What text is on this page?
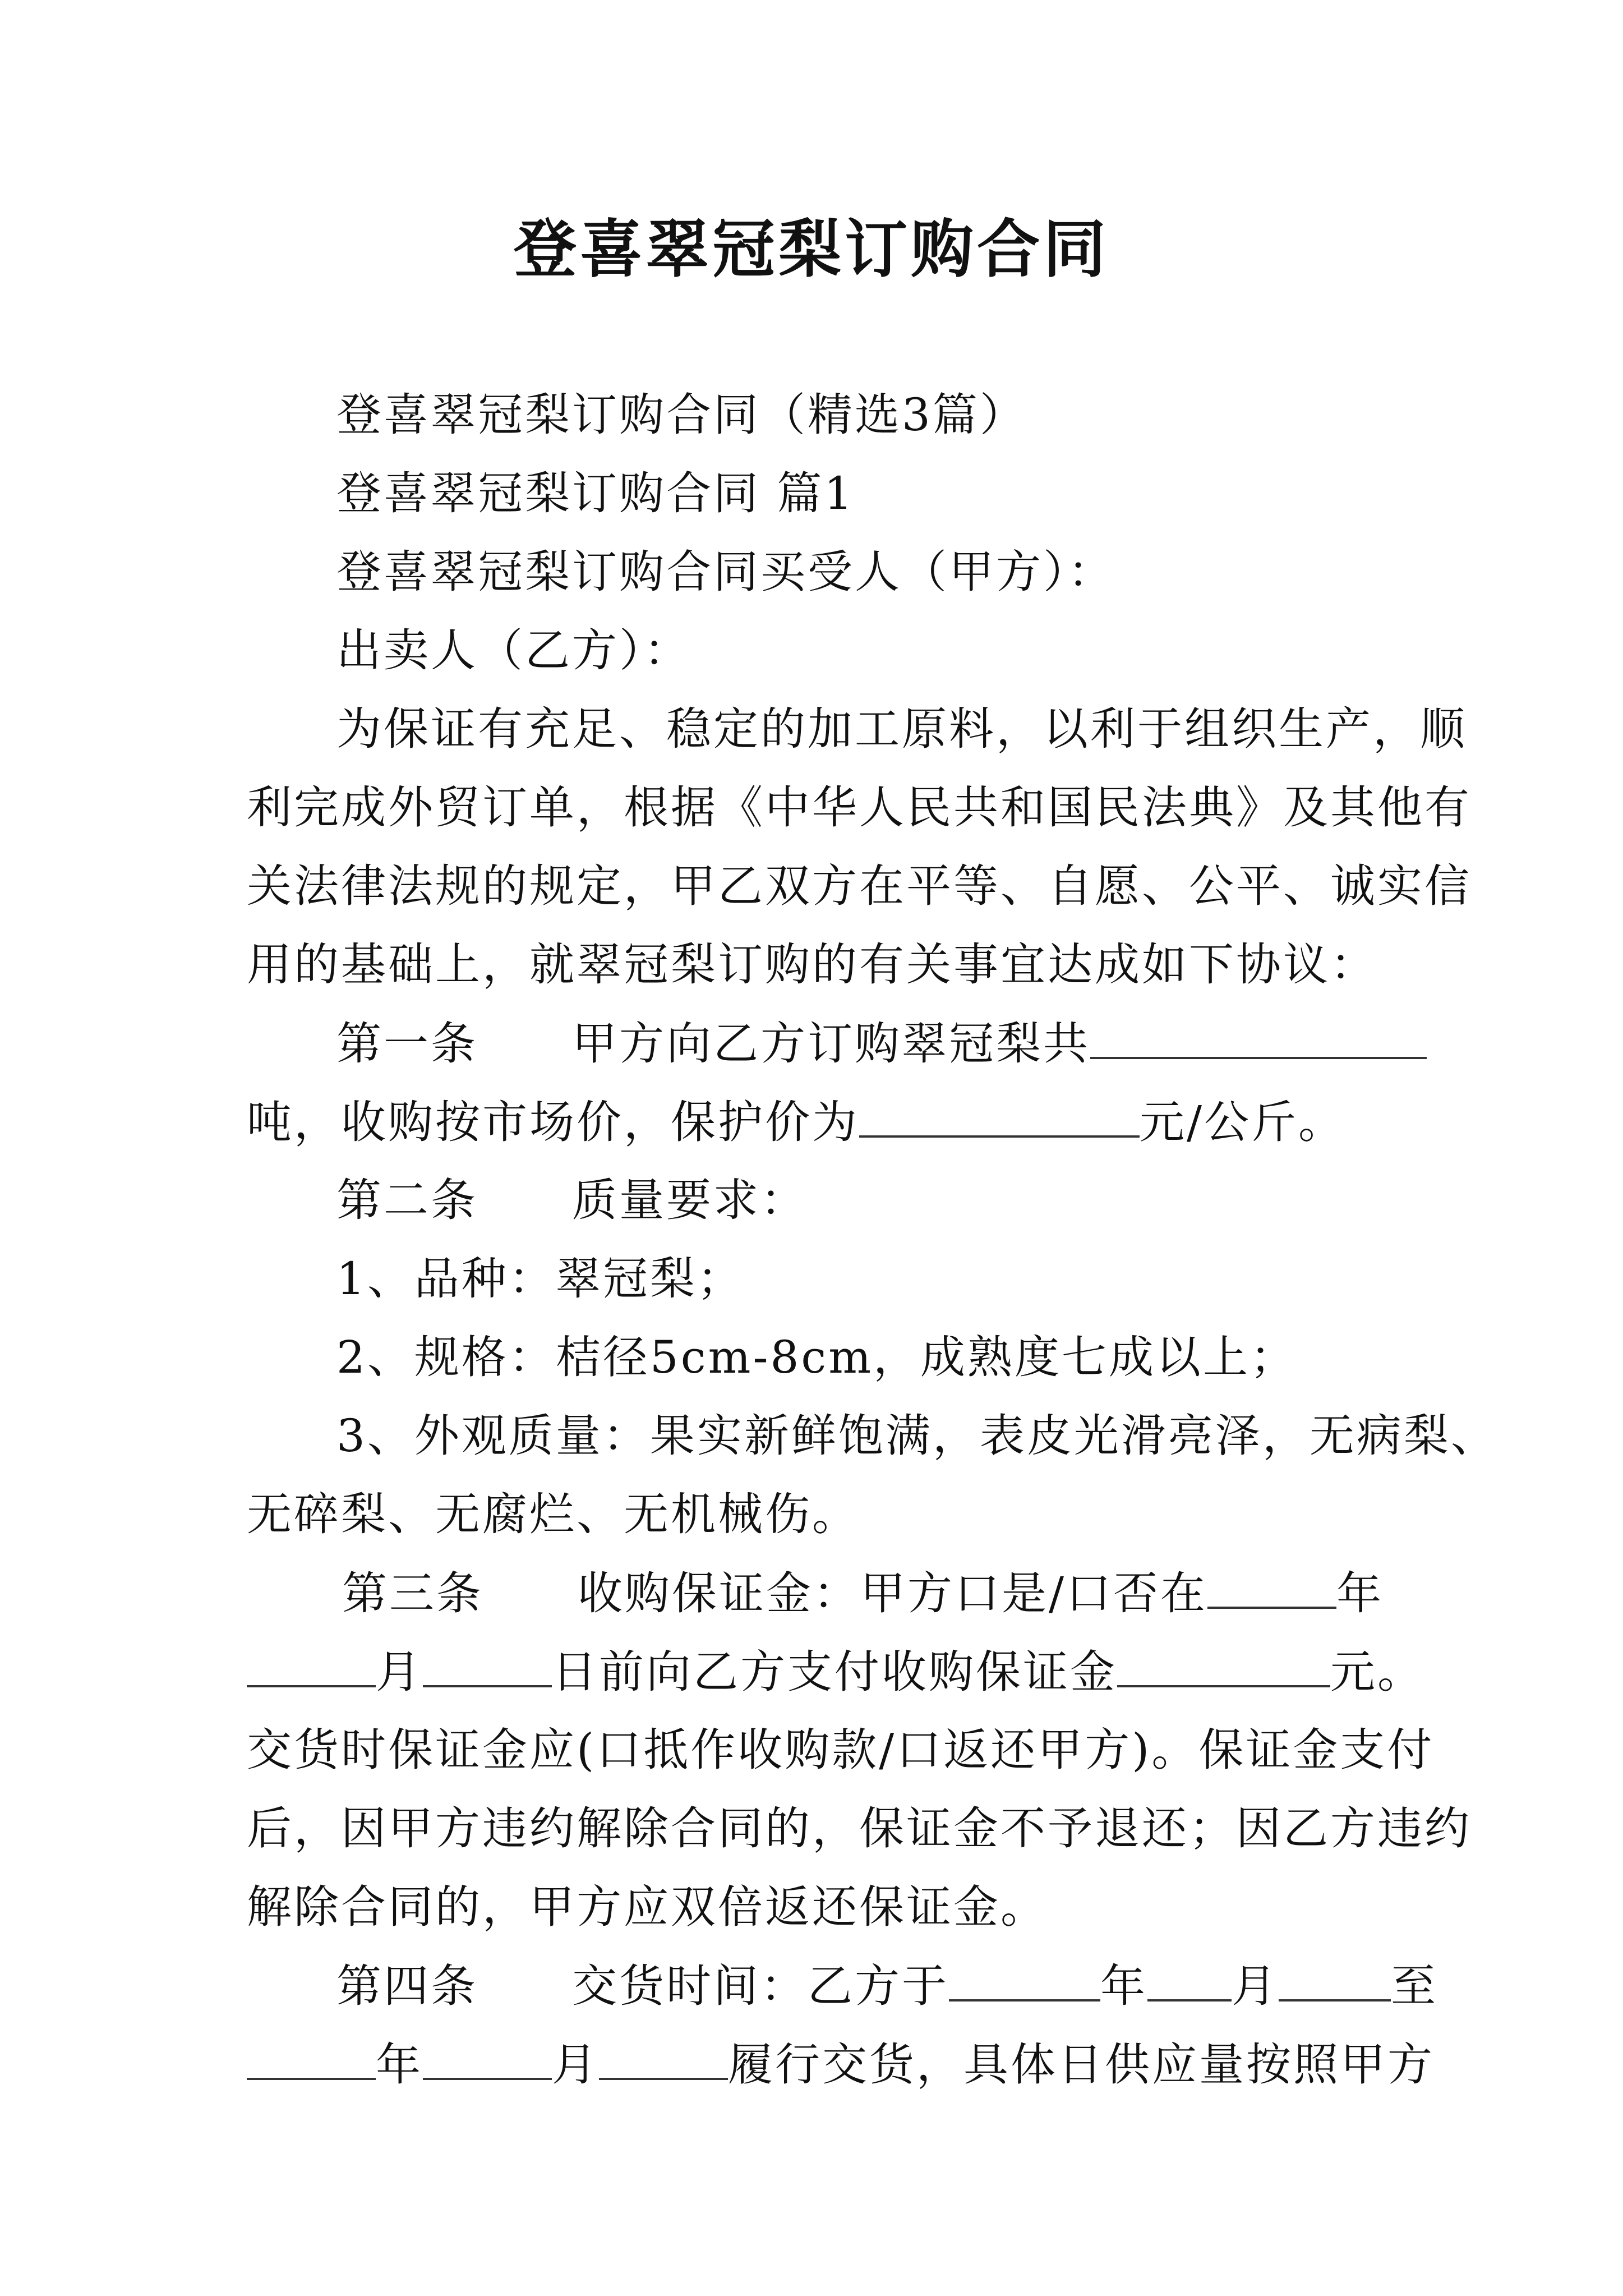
登喜翠冠梨订购合同
登喜翠冠梨订购合同（精选3篇）
登喜翠冠梨订购合同 篇1
登喜翠冠梨订购合同买受人（甲方）：
出卖人（乙方）：
为保证有充足、稳定的加工原料，以利于组织生产，顺
利完成外贸订单，根据《中华人民共和国民法典》及其他有
关法律法规的规定，甲乙双方在平等、自愿、公平、诚实信
用的基础上，就翠冠梨订购的有关事宜达成如下协议：
第一条　　甲方向乙方订购翠冠梨共
吨，收购按市场价，保护价为	元/公斤。
第二条　　质量要求：
1、品种：翠冠梨；
2、规格：桔径5cm-8cm，成熟度七成以上；
3、外观质量：果实新鲜饱满，表皮光滑亮泽，无病梨、
无碎梨、无腐烂、无机械伤。
第三条　　收购保证金：甲方口是/口否在	年
月	日前向乙方支付收购保证金	元。
交货时保证金应(口抵作收购款/口返还甲方)。保证金支付
后，因甲方违约解除合同的，保证金不予退还；因乙方违约
解除合同的，甲方应双倍返还保证金。
第四条　　交货时间：乙方于	年 月	至
年	月	履行交货，具体日供应量按照甲方
